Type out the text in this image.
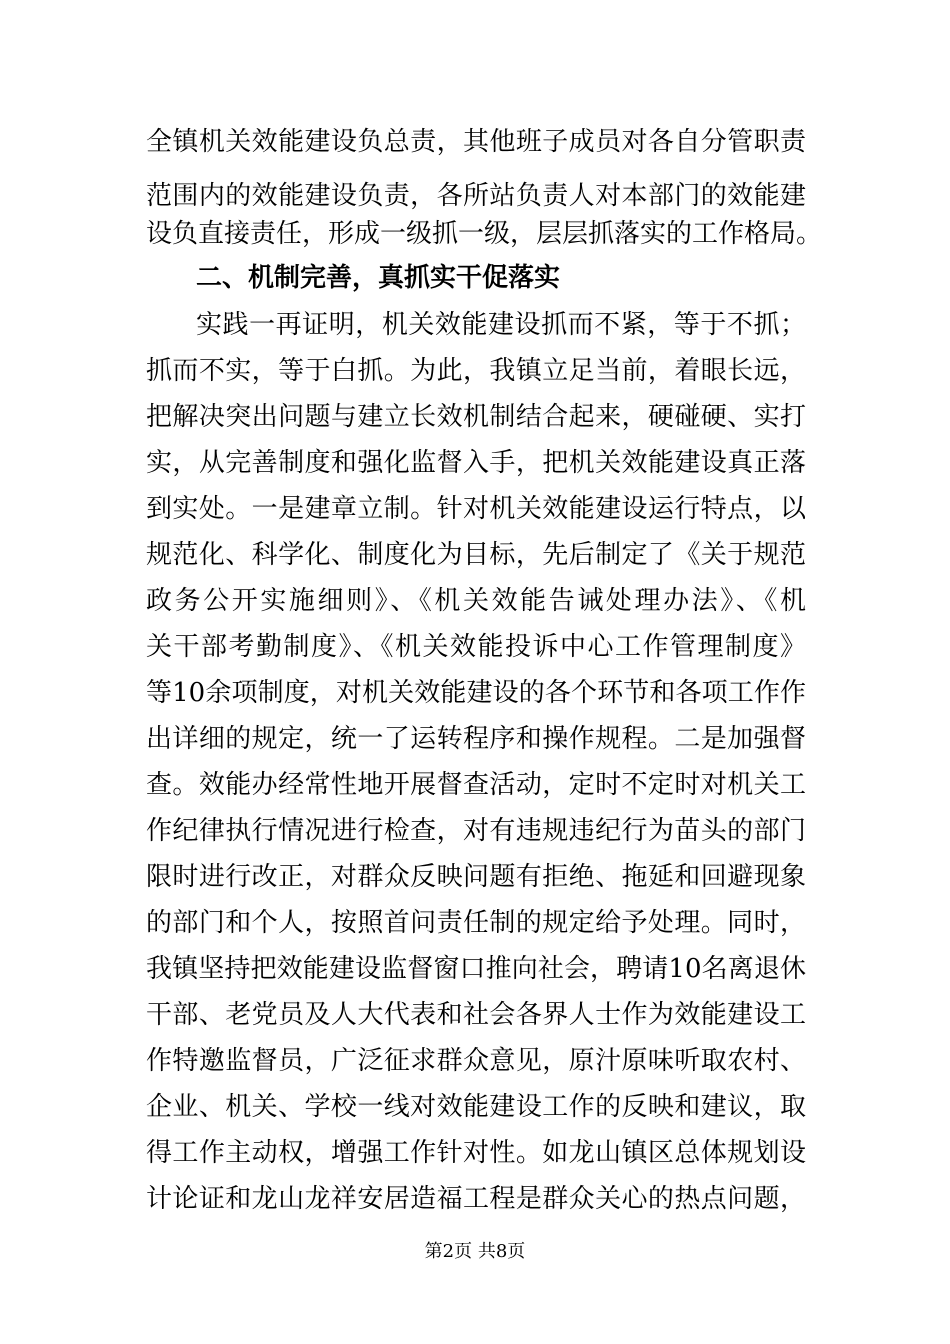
全镇机关效能建设负总责，其他班子成员对各自分管职责
范围内的效能建设负责，各所站负责人对本部门的效能建
设负直接责任，形成一级抓一级，层层抓落实的工作格局。
二、机制完善，真抓实干促落实
实践一再证明，机关效能建设抓而不紧，等于不抓；
抓而不实，等于白抓。为此，我镇立足当前，着眼长远，
把解决突出问题与建立长效机制结合起来，硬碰硬、实打
实，从完善制度和强化监督入手，把机关效能建设真正落
到实处。一是建章立制。针对机关效能建设运行特点，以
规范化、科学化、制度化为目标，先后制定了《关于规范
政务公开实施细则》、《机关效能告诫处理办法》、《机
关干部考勤制度》、《机关效能投诉中心工作管理制度》
等10余项制度，对机关效能建设的各个环节和各项工作作
出详细的规定，统一了运转程序和操作规程。二是加强督
查。效能办经常性地开展督查活动，定时不定时对机关工
作纪律执行情况进行检查，对有违规违纪行为苗头的部门
限时进行改正，对群众反映问题有拒绝、拖延和回避现象
的部门和个人，按照首问责任制的规定给予处理。同时，
我镇坚持把效能建设监督窗口推向社会，聘请10名离退休
干部、老党员及人大代表和社会各界人士作为效能建设工
作特邀监督员，广泛征求群众意见，原汁原味听取农村、
企业、机关、学校一线对效能建设工作的反映和建议，取
得工作主动权，增强工作针对性。如龙山镇区总体规划设
计论证和龙山龙祥安居造福工程是群众关心的热点问题，
第2页 共8页
